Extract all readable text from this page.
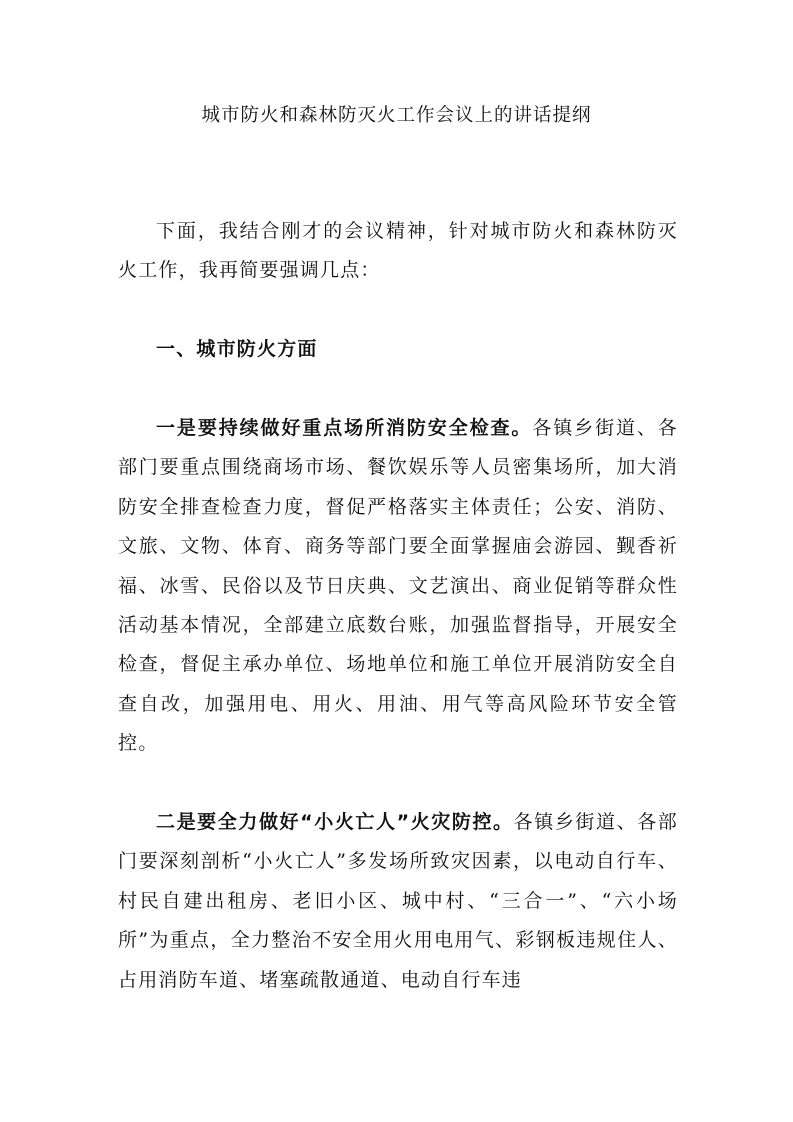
城市防火和森林防灭火工作会议上的讲话提纲

下面，我结合刚才的会议精神，针对城市防火和森林防灭火工作，我再简要强调几点：

一、城市防火方面

一是要持续做好重点场所消防安全检查。各镇乡街道、各部门要重点围绕商场市场、餐饮娱乐等人员密集场所，加大消防安全排查检查力度，督促严格落实主体责任；公安、消防、文旅、文物、体育、商务等部门要全面掌握庙会游园、觐香祈福、冰雪、民俗以及节日庆典、文艺演出、商业促销等群众性活动基本情况，全部建立底数台账，加强监督指导，开展安全检查，督促主承办单位、场地单位和施工单位开展消防安全自查自改，加强用电、用火、用油、用气等高风险环节安全管控。

二是要全力做好“小火亡人”火灾防控。各镇乡街道、各部门要深刻剖析“小火亡人”多发场所致灾因素，以电动自行车、村民自建出租房、老旧小区、城中村、“三合一”、“六小场所”为重点，全力整治不安全用火用电用气、彩钢板违规住人、占用消防车道、堵塞疏散通道、电动自行车违
